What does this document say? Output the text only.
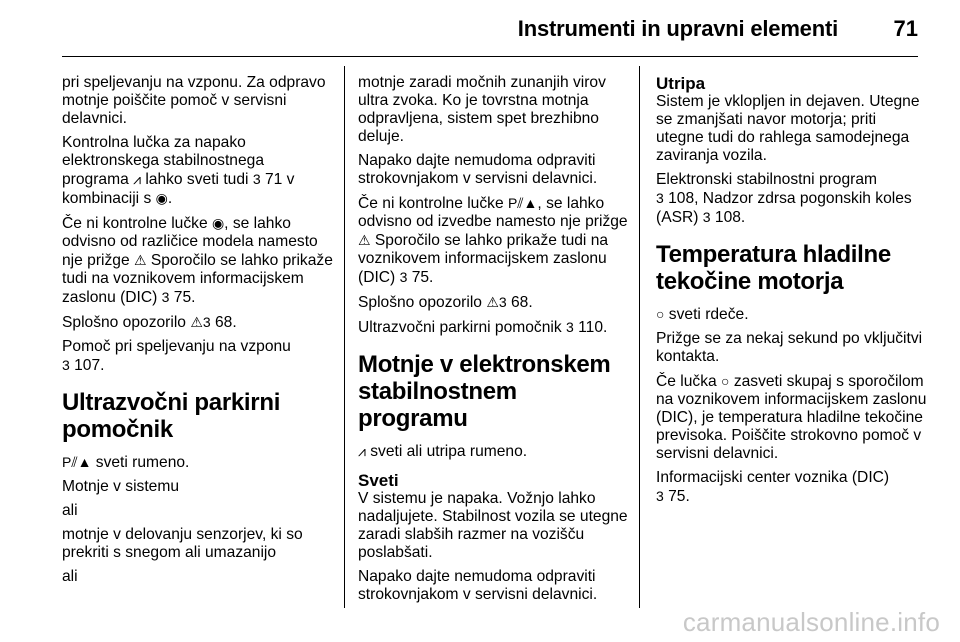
Instrumenti in upravni elementi	71

pri speljevanju na vzponu. Za odpravo motnje poiščite pomoč v servisni delavnici.

Kontrolna lučka za napako elektronskega stabilnostnega programa ⩘ lahko sveti tudi 3 71 v kombinaciji s ◉.

Če ni kontrolne lučke ◉, se lahko odvisno od različice modela namesto nje prižge ⚠ Sporočilo se lahko prikaže tudi na voznikovem informacijskem zaslonu (DIC) 3 75.

Splošno opozorilo ⚠3 68.

Pomoč pri speljevanju na vzponu
3 107.

Ultrazvočni parkirni pomočnik

P⫽▲ sveti rumeno.

Motnje v sistemu

ali

motnje v delovanju senzorjev, ki so prekriti s snegom ali umazanijo

ali

motnje zaradi močnih zunanjih virov ultra zvoka. Ko je tovrstna motnja odpravljena, sistem spet brezhibno deluje.

Napako dajte nemudoma odpraviti strokovnjakom v servisni delavnici.

Če ni kontrolne lučke P⫽▲, se lahko odvisno od izvedbe namesto nje prižge ⚠ Sporočilo se lahko prikaže tudi na voznikovem informacijskem zaslonu (DIC) 3 75.

Splošno opozorilo ⚠3 68.

Ultrazvočni parkirni pomočnik 3 110.

Motnje v elektronskem stabilnostnem programu

⩘ sveti ali utripa rumeno.

Sveti

V sistemu je napaka. Vožnjo lahko nadaljujete. Stabilnost vozila se utegne zaradi slabših razmer na vozišču poslabšati.

Napako dajte nemudoma odpraviti strokovnjakom v servisni delavnici.

Utripa

Sistem je vklopljen in dejaven. Utegne se zmanjšati navor motorja; priti utegne tudi do rahlega samodejnega zaviranja vozila.

Elektronski stabilnostni program
3 108, Nadzor zdrsa pogonskih koles (ASR) 3 108.

Temperatura hladilne tekočine motorja

○ sveti rdeče.

Prižge se za nekaj sekund po vključitvi kontakta.

Če lučka ○ zasveti skupaj s sporočilom na voznikovem informacijskem zaslonu (DIC), je temperatura hladilne tekočine previsoka. Poiščite strokovno pomoč v servisni delavnici.

Informacijski center voznika (DIC)
3 75.

carmanualsonline.info
